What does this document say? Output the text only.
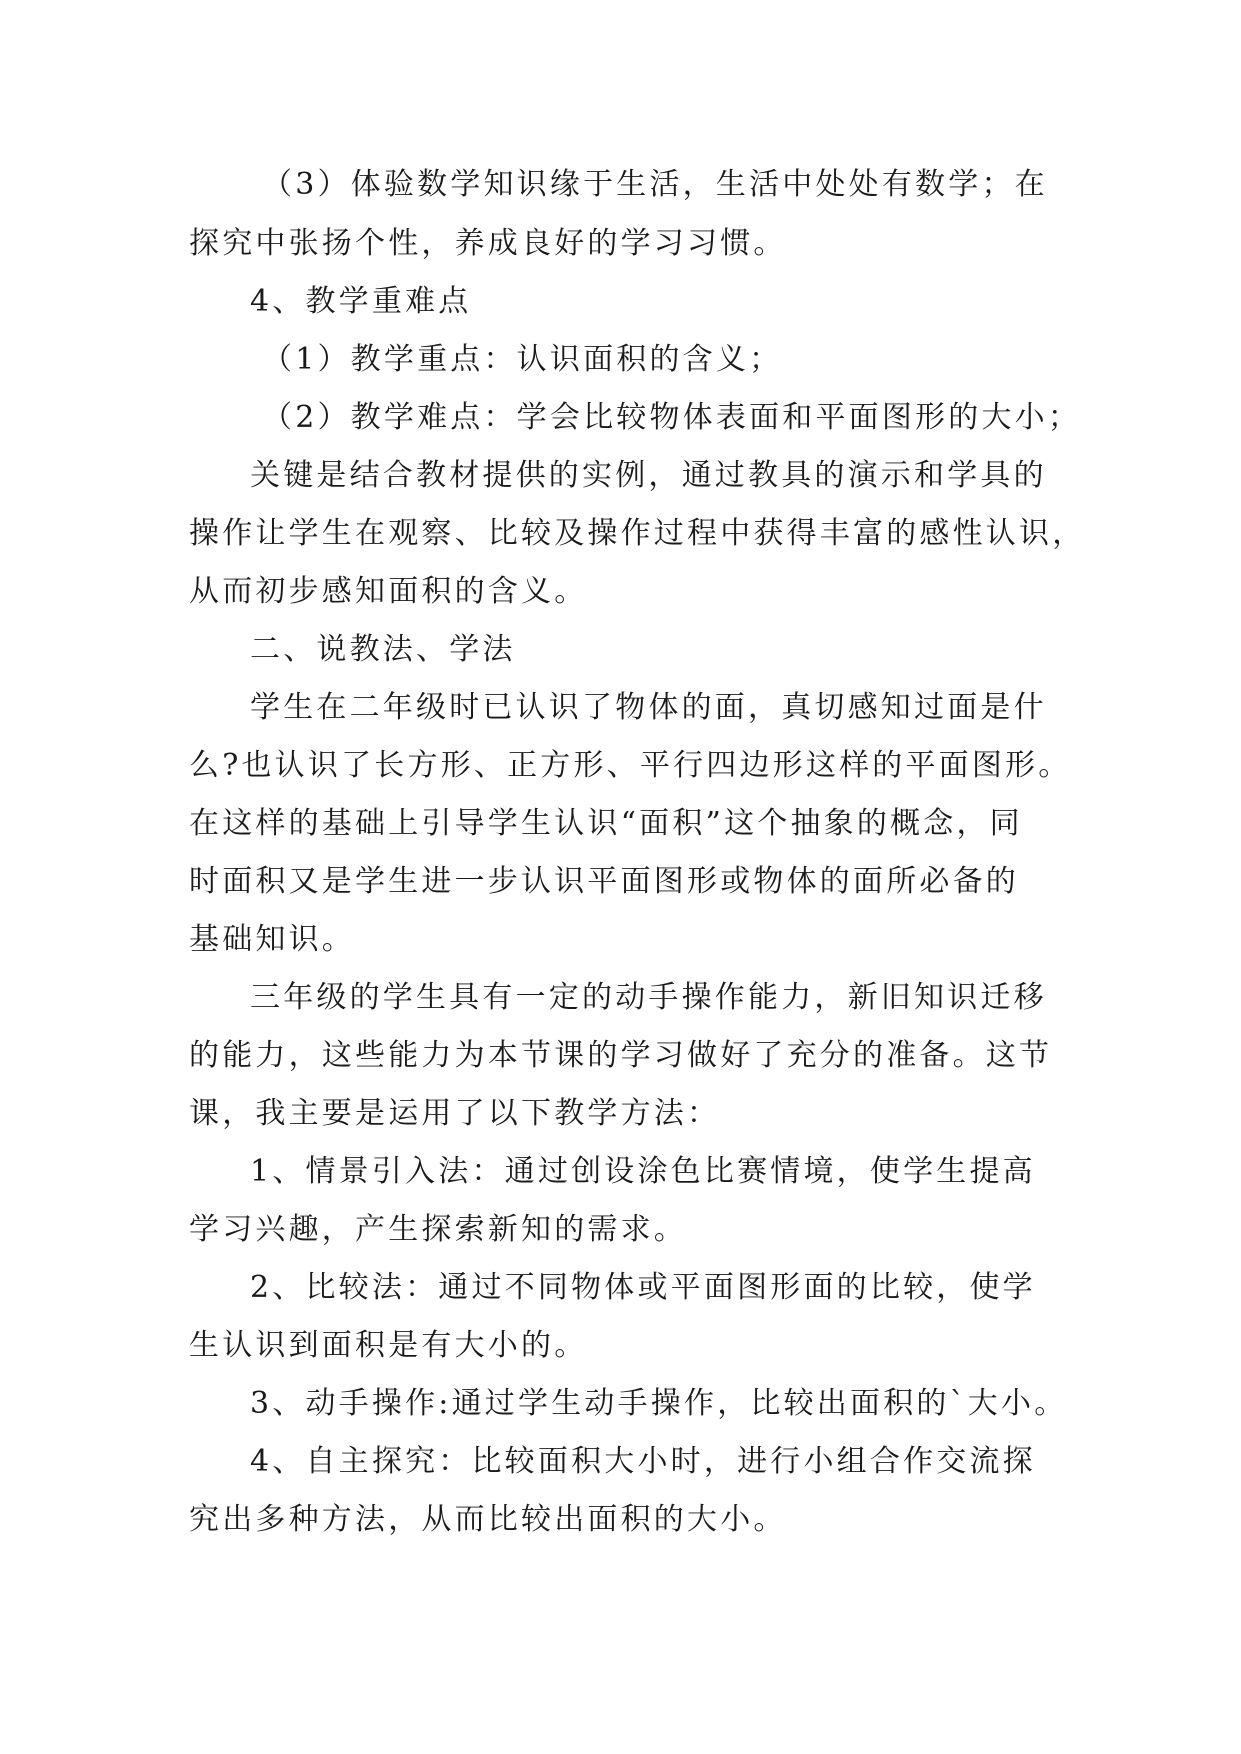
（3）体验数学知识缘于生活，生活中处处有数学；在

探究中张扬个性，养成良好的学习习惯。

4、教学重难点

（1）教学重点：认识面积的含义；

（2）教学难点：学会比较物体表面和平面图形的大小；

关键是结合教材提供的实例，通过教具的演示和学具的

操作让学生在观察、比较及操作过程中获得丰富的感性认识，

从而初步感知面积的含义。

二、说教法、学法

学生在二年级时已认识了物体的面，真切感知过面是什

么?也认识了长方形、正方形、平行四边形这样的平面图形。

在这样的基础上引导学生认识“面积”这个抽象的概念，同

时面积又是学生进一步认识平面图形或物体的面所必备的

基础知识。

三年级的学生具有一定的动手操作能力，新旧知识迁移

的能力，这些能力为本节课的学习做好了充分的准备。这节

课，我主要是运用了以下教学方法：

1、情景引入法：通过创设涂色比赛情境，使学生提高

学习兴趣，产生探索新知的需求。

2、比较法：通过不同物体或平面图形面的比较，使学

生认识到面积是有大小的。

3、动手操作:通过学生动手操作，比较出面积的`大小。

4、自主探究：比较面积大小时，进行小组合作交流探

究出多种方法，从而比较出面积的大小。
